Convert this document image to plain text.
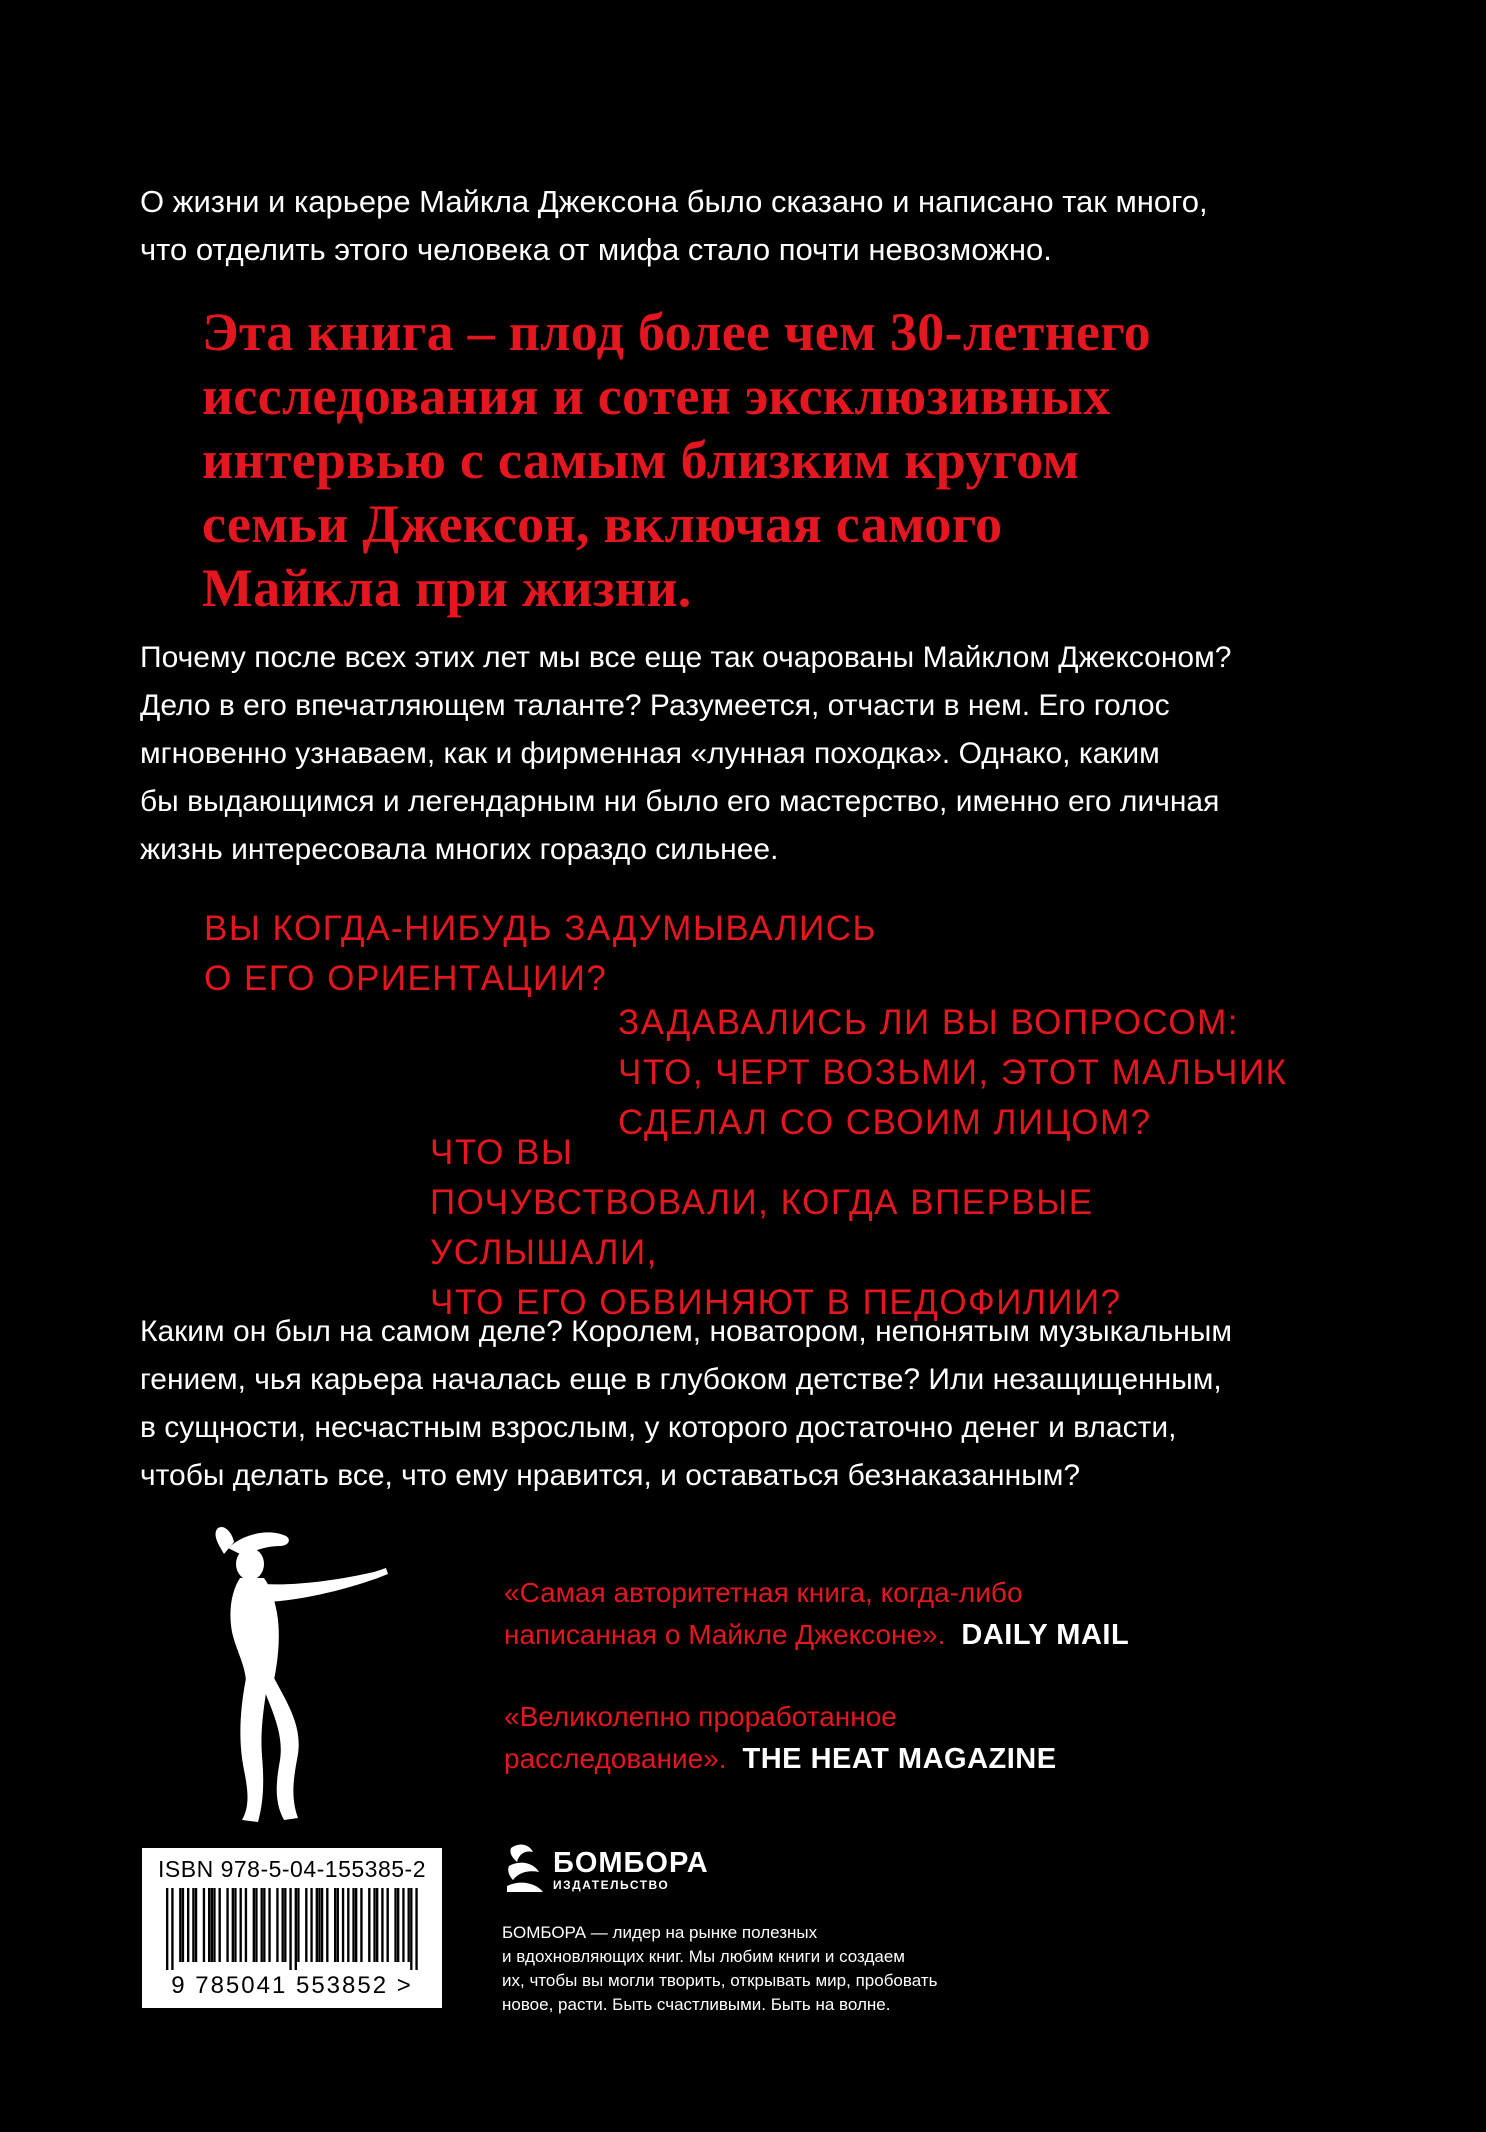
О жизни и карьере Майкла Джексона было сказано и написано так много,
что отделить этого человека от мифа стало почти невозможно.
Эта книга – плод более чем 30-летнего
исследования и сотен эксклюзивных
интервью с самым близким кругом
семьи Джексон, включая самого
Майкла при жизни.
Почему после всех этих лет мы все еще так очарованы Майклом Джексоном?
Дело в его впечатляющем таланте? Разумеется, отчасти в нем. Его голос
мгновенно узнаваем, как и фирменная «лунная походка». Однако, каким
бы выдающимся и легендарным ни было его мастерство, именно его личная
жизнь интересовала многих гораздо сильнее.
ВЫ КОГДА-НИБУДЬ ЗАДУМЫВАЛИСЬ
О ЕГО ОРИЕНТАЦИИ?
ЗАДАВАЛИСЬ ЛИ ВЫ ВОПРОСОМ:
ЧТО, ЧЕРТ ВОЗЬМИ, ЭТОТ МАЛЬЧИК
СДЕЛАЛ СО СВОИМ ЛИЦОМ?
ЧТО ВЫ
ПОЧУВСТВОВАЛИ, КОГДА ВПЕРВЫЕ УСЛЫШАЛИ,
ЧТО ЕГО ОБВИНЯЮТ В ПЕДОФИЛИИ?
Каким он был на самом деле? Королем, новатором, непонятым музыкальным
гением, чья карьера началась еще в глубоком детстве? Или незащищенным,
в сущности, несчастным взрослым, у которого достаточно денег и власти,
чтобы делать все, что ему нравится, и оставаться безнаказанным?
«Самая авторитетная книга, когда-либо
написанная о Майкле Джексоне». DAILY MAIL
«Великолепно проработанное
расследование». THE HEAT MAGAZINE
ISBN 978-5-04-155385-2
9 785041 553852 >
БОМБОРА
ИЗДАТЕЛЬСТВО
БОМБОРА — лидер на рынке полезных
и вдохновляющих книг. Мы любим книги и создаем
их, чтобы вы могли творить, открывать мир, пробовать
новое, расти. Быть счастливыми. Быть на волне.
